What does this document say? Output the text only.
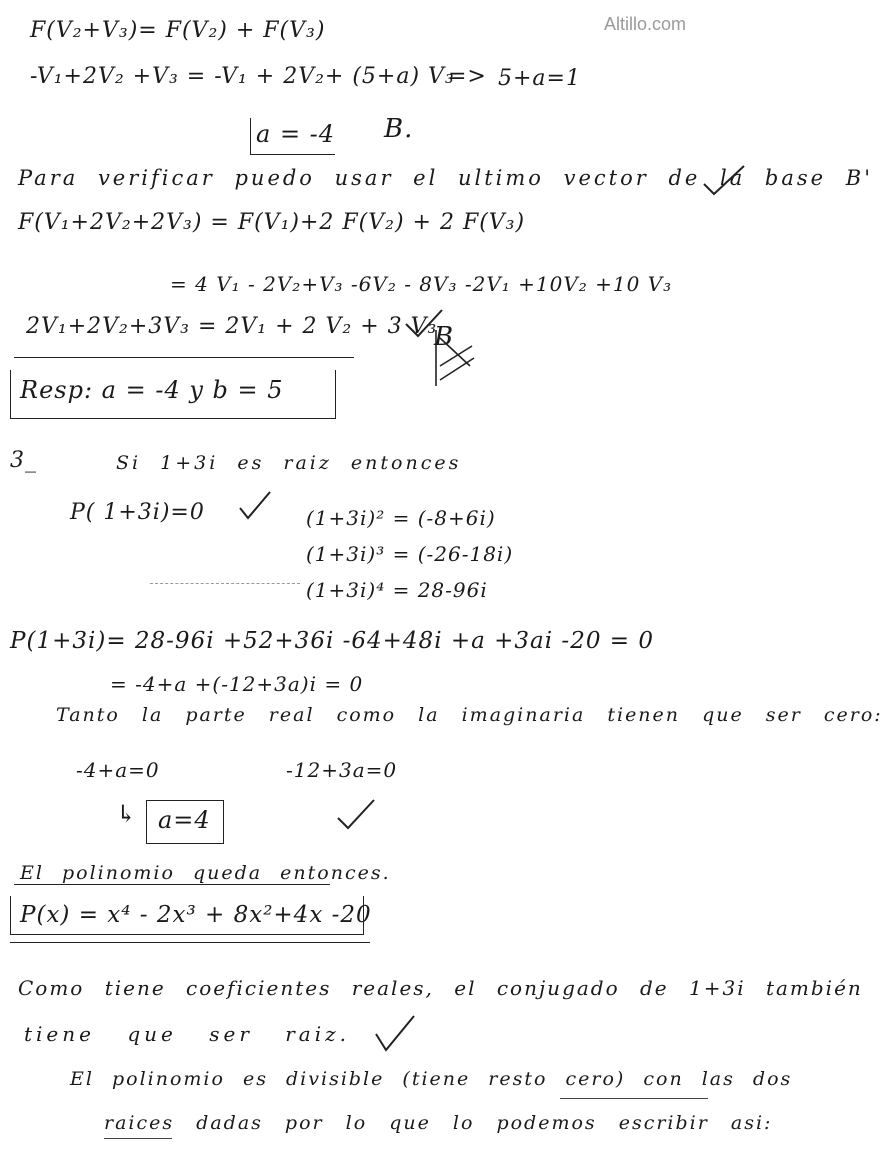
Altillo.com
F(V₂+V₃)= F(V₂) + F(V₃)
-V₁+2V₂ +V₃ = -V₁ + 2V₂+ (5+a) V₃
=> 5+a=1
a = -4 B.
Para verificar puedo usar el ultimo vector de la base B'
F(V₁+2V₂+2V₃) = F(V₁)+2 F(V₂) + 2 F(V₃)
= 4 V₁ - 2V₂+V₃ -6V₂ - 8V₃ -2V₁ +10V₂ +10 V₃
2V₁+2V₂+3V₃ = 2V₁ + 2 V₂ + 3 V₃
B
Resp: a = -4 y b = 5
3_	Si 1+3i es raiz entonces
P( 1+3i)=0	(1+3i)² = (-8+6i)
(1+3i)³ = (-26-18i)
(1+3i)⁴ = 28-96i
P(1+3i)= 28-96i +52+36i -64+48i +a +3ai -20 = 0
= -4+a +(-12+3a)i = 0
Tanto la parte real como la imaginaria tienen que ser cero:
-4+a=0	-12+3a=0
↳ a=4
El polinomio queda entonces.
P(x) = x⁴ - 2x³ + 8x²+4x -20
Como tiene coeficientes reales, el conjugado de 1+3i también
tiene que ser raiz.
El polinomio es divisible (tiene resto cero) con las dos
raices dadas por lo que lo podemos escribir asi:
